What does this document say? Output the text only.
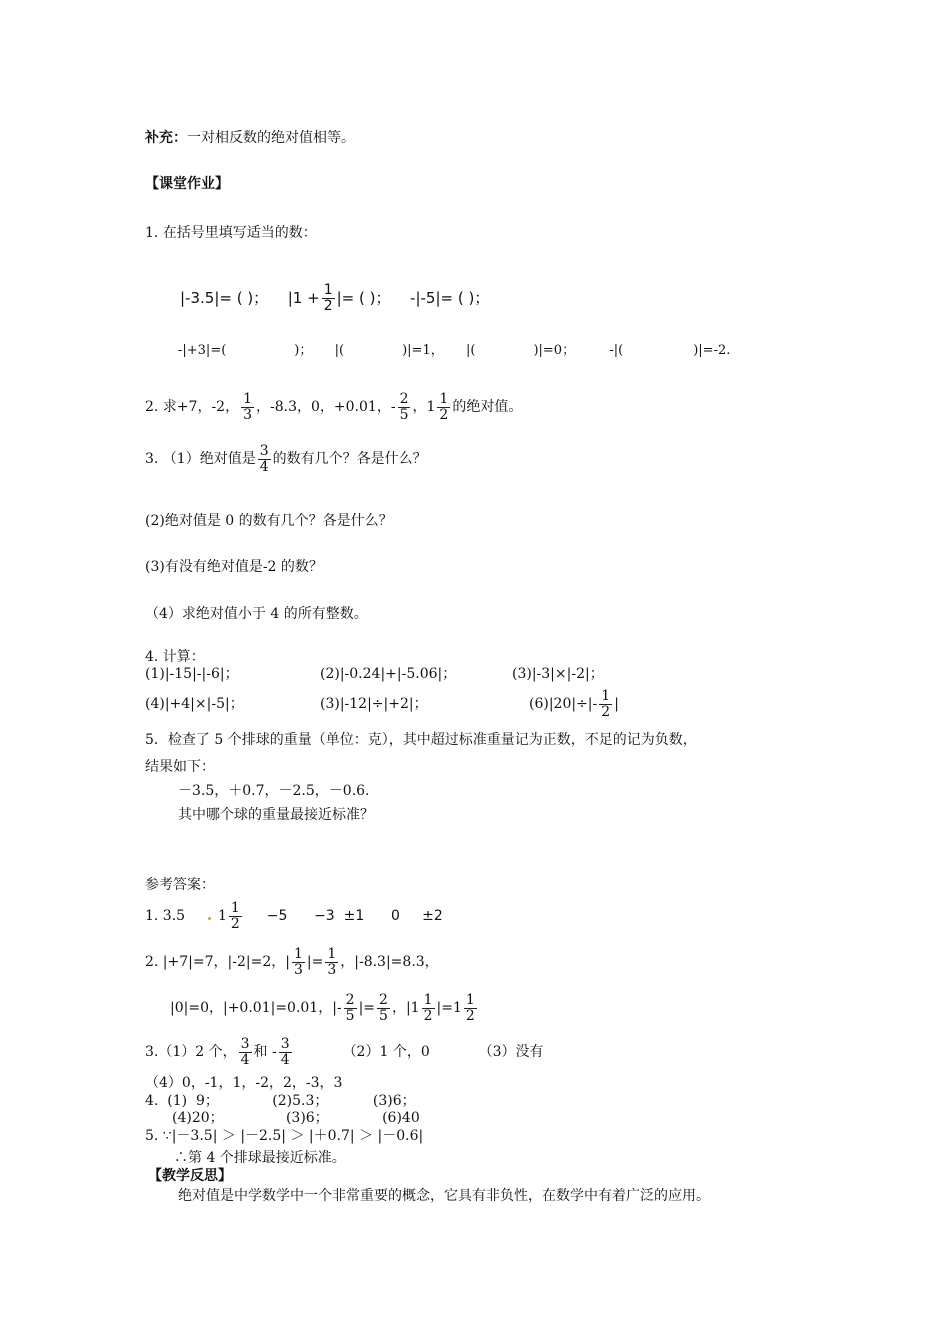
补充：一对相反数的绝对值相等。
【课堂作业】
1. 在括号里填写适当的数：
|-3.5|= ( )； $|1 + \frac{1}{2}$ |= ( )； -|-5|= ( )；
-|+3|=(	)； |(	)|=1， |(	)|=0；	-|(	)|=-2.
2. 求+7，-2， $\frac{1}{3}$ ，-8.3，0，+0.01，- $\frac{2}{5}$ ，$1 \frac{1}{2}$ 的绝对值。
3. （1）绝对值是 $\frac{3}{4}$ 的数有几个？各是什么？
(2)绝对值是 0 的数有几个？各是什么？
(3)有没有绝对值是-2 的数？
（4）求绝对值小于 4 的所有整数。
4. 计算：
(1)|-15|-|-6|；	(2)|-0.24|+|-5.06|；	(3)|-3|×|-2|；
(4)|+4|×|-5|；	(3)|-12|÷|+2|；	$(6)|20|\div|- \frac{1}{2}$ |
5．检查了 5 个排球的重量（单位：克），其中超过标准重量记为正数，不足的记为负数，
结果如下：
－3.5，＋0.7，－2.5，－0.6.
其中哪个球的重量最接近标准？
参考答案：
1. 3.5 $1 \frac{1}{2} -5$      −3  ±1      0     ±2
2. |+7|=7，|-2|=2，| $\frac{1}{3}$ |= $\frac{1}{3}$ ，|-8.3|=8.3，
|0|=0，|+0.01|=0.01，|- $\frac{2}{5}$ |= $\frac{2}{5}$ ，$|1 \frac{1}{2} |=1 \frac{1}{2}$
3.（1）2 个， $\frac{3}{4}$ 和 - $\frac{3}{4}$	（2）1 个，0	（3）没有
（4）0，-1，1，-2，2，-3，3
4.  (1)  9；            (2)5.3；          (3)6；
(4)20；              (3)6；            (6)40
5. ∵|－3.5| ＞ |－2.5| ＞ |＋0.7| ＞ |－0.6|
∴第 4 个排球最接近标准。
【教学反思】
绝对值是中学数学中一个非常重要的概念，它具有非负性，在数学中有着广泛的应用。
